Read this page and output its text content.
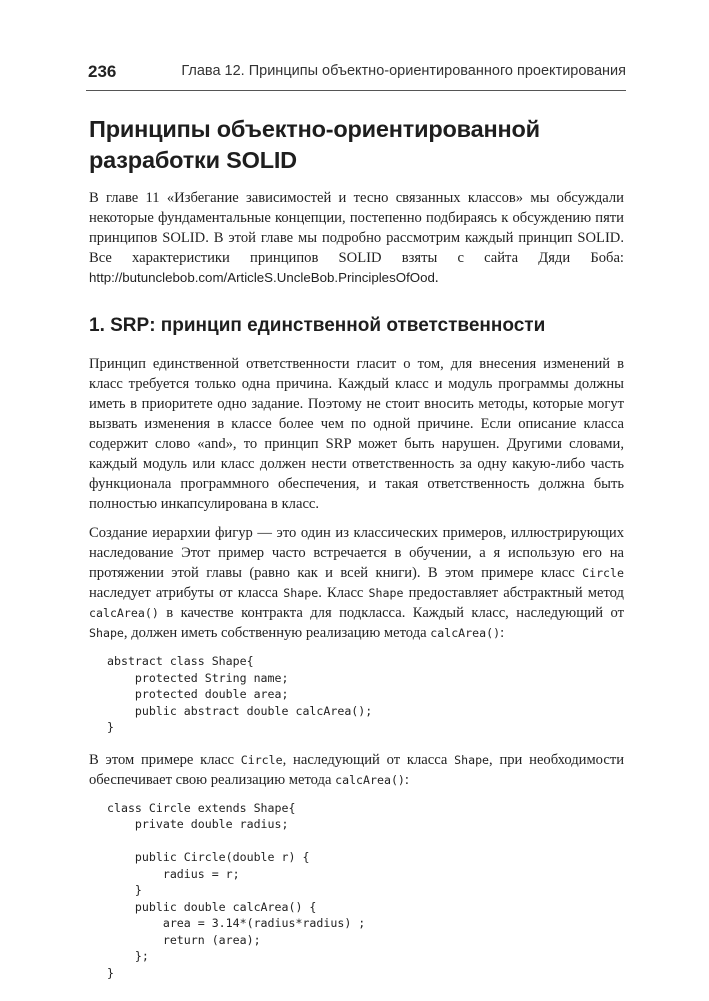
236	Глава 12. Принципы объектно-ориентированного проектирования
Принципы объектно-ориентированной
разработки SOLID

В главе 11 «Избегание зависимостей и тесно связанных классов» мы обсуждали некоторые фундаментальные концепции, постепенно подбираясь к обсуждению пяти принципов SOLID. В этой главе мы подробно рассмотрим каждый принцип SOLID. Все характеристики принципов SOLID взяты с сайта Дяди Боба: http://butunclebob.com/ArticleS.UncleBob.PrinciplesOfOod.

1. SRP: принцип единственной ответственности

Принцип единственной ответственности гласит о том, для внесения изменений в класс требуется только одна причина. Каждый класс и модуль программы должны иметь в приоритете одно задание. Поэтому не стоит вносить методы, которые могут вызвать изменения в классе более чем по одной причине. Если описание класса содержит слово «and», то принцип SRP может быть нарушен. Другими словами, каждый модуль или класс должен нести ответственность за одну какую-либо часть функционала программного обеспечения, и такая ответственность должна быть полностью инкапсулирована в класс.

Создание иерархии фигур — это один из классических примеров, иллюстрирующих наследование Этот пример часто встречается в обучении, а я использую его на протяжении этой главы (равно как и всей книги). В этом примере класс Circle наследует атрибуты от класса Shape. Класс Shape предоставляет абстрактный метод calcArea() в качестве контракта для подкласса. Каждый класс, наследующий от Shape, должен иметь собственную реализацию метода calcArea():

abstract class Shape{
protected String name;
protected double area;
public abstract double calcArea();
}

В этом примере класс Circle, наследующий от класса Shape, при необходимости обеспечивает свою реализацию метода calcArea():

class Circle extends Shape{
private double radius;

public Circle(double r) {
radius = r;
}
public double calcArea() {
area = 3.14*(radius*radius) ;
return (area);
};
}
